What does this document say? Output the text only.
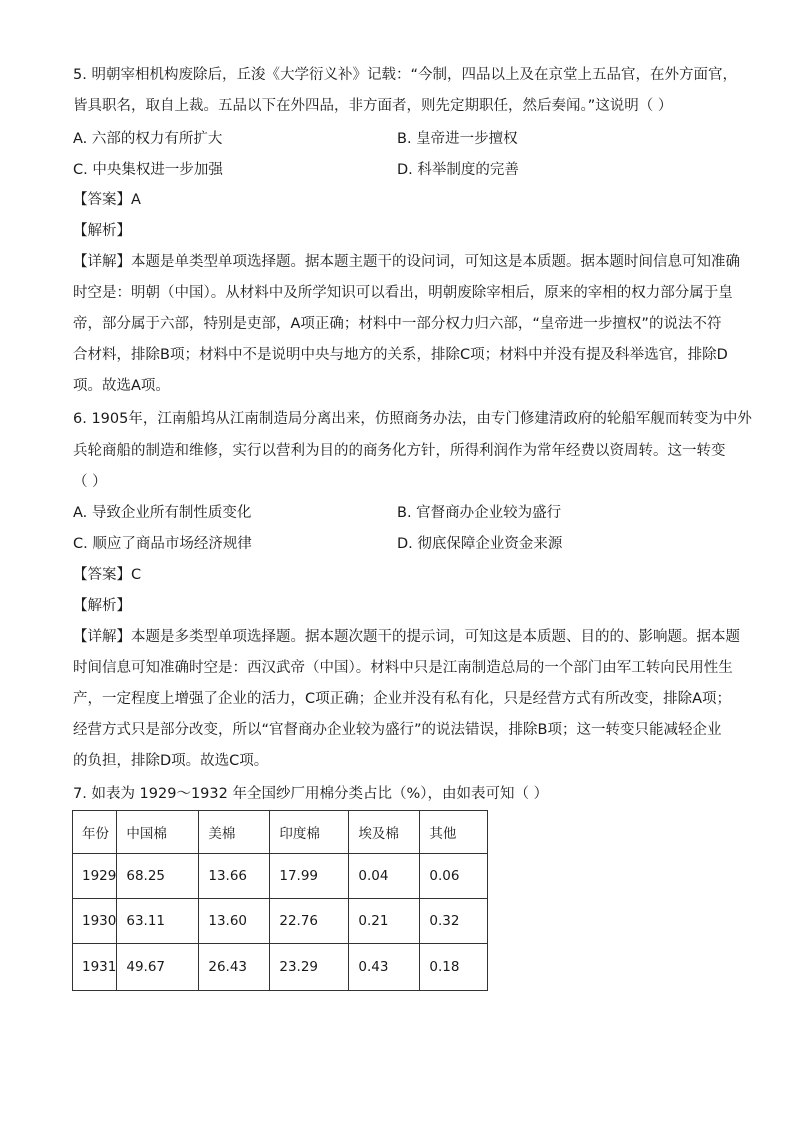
5. 明朝宰相机构废除后，丘浚《大学衍义补》记载：“今制，四品以上及在京堂上五品官，在外方面官，
皆具职名，取自上裁。五品以下在外四品，非方面者，则先定期职任，然后奏闻。”这说明（ ）
A. 六部的权力有所扩大	B. 皇帝进一步擅权
C. 中央集权进一步加强	D. 科举制度的完善
【答案】A
【解析】
【详解】本题是单类型单项选择题。据本题主题干的设问词，可知这是本质题。据本题时间信息可知准确
时空是：明朝（中国）。从材料中及所学知识可以看出，明朝废除宰相后，原来的宰相的权力部分属于皇
帝，部分属于六部，特别是吏部，A项正确；材料中一部分权力归六部，“皇帝进一步擅权”的说法不符
合材料，排除B项；材料中不是说明中央与地方的关系，排除C项；材料中并没有提及科举选官，排除D
项。故选A项。
6. 1905年，江南船坞从江南制造局分离出来，仿照商务办法，由专门修建清政府的轮船军舰而转变为中外
兵轮商船的制造和维修，实行以营利为目的的商务化方针，所得利润作为常年经费以资周转。这一转变
（ ）
A. 导致企业所有制性质变化	B. 官督商办企业较为盛行
C. 顺应了商品市场经济规律	D. 彻底保障企业资金来源
【答案】C
【解析】
【详解】本题是多类型单项选择题。据本题次题干的提示词，可知这是本质题、目的的、影响题。据本题
时间信息可知准确时空是：西汉武帝（中国）。材料中只是江南制造总局的一个部门由军工转向民用性生
产，一定程度上增强了企业的活力，C项正确；企业并没有私有化，只是经营方式有所改变，排除A项；
经营方式只是部分改变，所以“官督商办企业较为盛行”的说法错误，排除B项；这一转变只能减轻企业
的负担，排除D项。故选C项。
7. 如表为 1929～1932 年全国纱厂用棉分类占比（%），由如表可知（ ）
年份	中国棉	美棉	印度棉	埃及棉	其他
1929	68.25	13.66	17.99	0.04	0.06
1930	63.11	13.60	22.76	0.21	0.32
1931	49.67	26.43	23.29	0.43	0.18
